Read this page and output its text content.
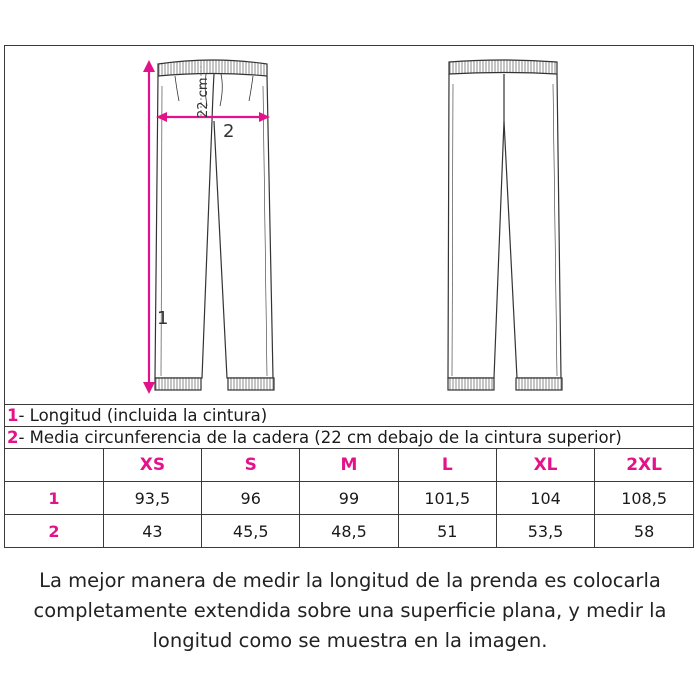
22 cm
2
1
1- Longitud (incluida la cintura)
2- Media circunferencia de la cadera (22 cm debajo de la cintura superior)
	XS	S	M	L	XL	2XL
1	93,5	96	99	101,5	104	108,5
2	43	45,5	48,5	51	53,5	58
La mejor manera de medir la longitud de la prenda es colocarla
completamente extendida sobre una superficie plana, y medir la
longitud como se muestra en la imagen.
